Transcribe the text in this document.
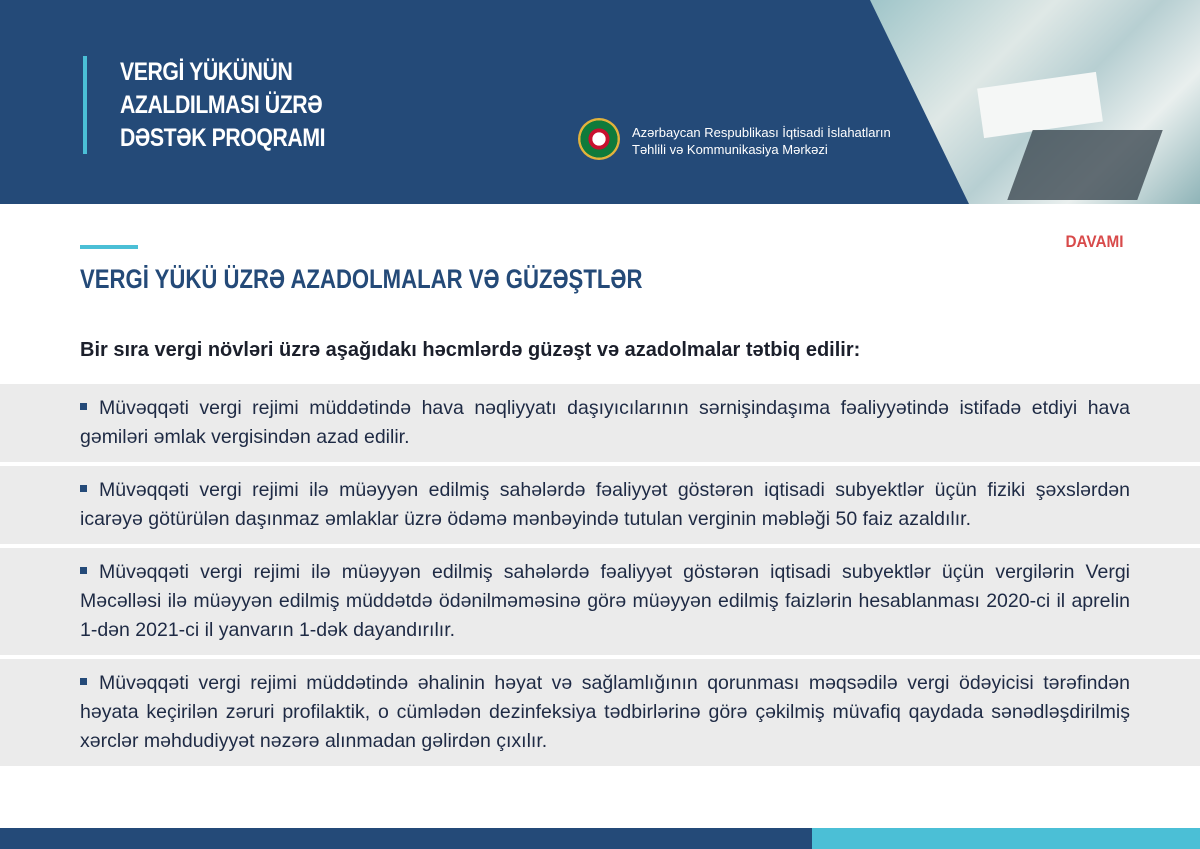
VERGİ YÜKÜNÜN
AZALDILMASI ÜZRƏ
DƏSTƏK PROQRAMI	Azərbaycan Respublikası İqtisadi İslahatların
Təhlili və Kommunikasiya Mərkəzi
DAVAMI
VERGİ YÜKÜ ÜZRƏ AZADOLMALAR VƏ GÜZƏŞTLƏR
Bir sıra vergi növləri üzrə aşağıdakı həcmlərdə güzəşt və azadolmalar tətbiq edilir:
Müvəqqəti vergi rejimi müddətində hava nəqliyyatı daşıyıcılarının sərnişindaşıma fəaliyyətində istifadə etdiyi hava gəmiləri əmlak vergisindən azad edilir.
Müvəqqəti vergi rejimi ilə müəyyən edilmiş sahələrdə fəaliyyət göstərən iqtisadi subyektlər üçün fiziki şəxslərdən icarəyə götürülən daşınmaz əmlaklar üzrə ödəmə mənbəyində tutulan verginin məbləği 50 faiz azaldılır.
Müvəqqəti vergi rejimi ilə müəyyən edilmiş sahələrdə fəaliyyət göstərən iqtisadi subyektlər üçün vergilərin Vergi Məcəlləsi ilə müəyyən edilmiş müddətdə ödənilməməsinə görə müəyyən edilmiş faizlərin hesablanması 2020-ci il aprelin 1-dən 2021-ci il yanvarın 1-dək dayandırılır.
Müvəqqəti vergi rejimi müddətində əhalinin həyat və sağlamlığının qorunması məqsədilə vergi ödəyicisi tərəfindən həyata keçirilən zəruri profilaktik, o cümlədən dezinfeksiya tədbirlərinə görə çəkilmiş müvafiq qaydada sənədləşdirilmiş xərclər məhdudiyyət nəzərə alınmadan gəlirdən çıxılır.
